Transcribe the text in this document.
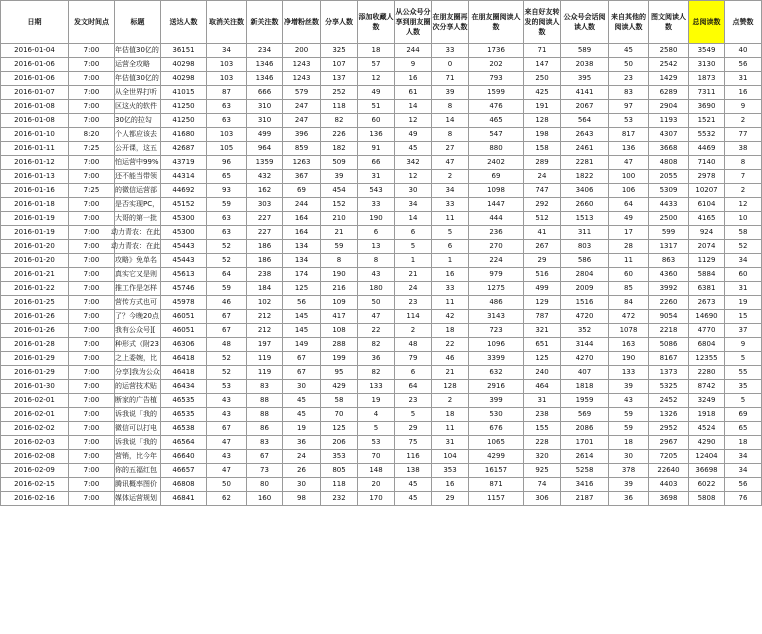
日期	发文时间点	标题	送达人数	取消关注数	新关注数	净增粉丝数	分享人数	添加收藏人数	从公众号分享到朋友圈人数	在朋友圈再次分享人数	在朋友圈阅读人数	来自好友转发的阅读人数	公众号会话阅读人数	来自其他的阅读人数	图文阅读人数	总阅读数	点赞数
2016-01-04	7:00	年估值30亿的	36151	34	234	200	325	18	244	33	1736	71	589	45	2580	3549	40
2016-01-06	7:00	运营全攻略	40298	103	1346	1243	107	57	9	0	202	147	2038	50	2542	3130	56
2016-01-06	7:00	年估值30亿的	40298	103	1346	1243	137	12	16	71	793	250	395	23	1429	1873	31
2016-01-07	7:00	从全世界打听	41015	87	666	579	252	49	61	39	1599	425	4141	83	6289	7311	16
2016-01-08	7:00	区这火的软件	41250	63	310	247	118	51	14	8	476	191	2067	97	2904	3690	9
2016-01-08	7:00	30亿的拉勾	41250	63	310	247	82	60	12	14	465	128	564	53	1193	1521	2
2016-01-10	8:20	个人都应该去	41680	103	499	396	226	136	49	8	547	198	2643	817	4307	5532	77
2016-01-11	7:25	公开课，这五	42687	105	964	859	182	91	45	27	880	158	2461	136	3668	4469	38
2016-01-12	7:00	怕运营中99%	43719	96	1359	1263	509	66	342	47	2402	289	2281	47	4808	7140	8
2016-01-13	7:00	还不能当带领	44314	65	432	367	39	31	12	2	69	24	1822	100	2055	2978	7
2016-01-16	7:25	的微信运营部	44692	93	162	69	454	543	30	34	1098	747	3406	106	5309	10207	2
2016-01-18	7:00	，是否实现PC	45152	59	303	244	152	33	34	33	1447	292	2660	64	4433	6104	12
2016-01-19	7:00	大哥的第一批	45300	63	227	164	210	190	14	11	444	512	1513	49	2500	4165	10
2016-01-19	7:00	动力青农：在此	45300	63	227	164	21	6	6	5	236	41	311	17	599	924	58
2016-01-20	7:00	动力青农：在此	45443	52	186	134	59	13	5	6	270	267	803	28	1317	2074	52
2016-01-20	7:00	攻略》免单名	45443	52	186	134	8	8	1	1	224	29	586	11	863	1129	34
2016-01-21	7:00	真实它又是则	45613	64	238	174	190	43	21	16	979	516	2804	60	4360	5884	60
2016-01-22	7:00	推工作是怎样	45746	59	184	125	216	180	24	33	1275	499	2009	85	3992	6381	31
2016-01-25	7:00	营传方式也可	45978	46	102	56	109	50	23	11	486	129	1516	84	2260	2673	19
2016-01-26	7:00	了？今晚20点	46051	67	212	145	417	47	114	42	3143	787	4720	472	9054	14690	15
2016-01-26	7:00	][我有公众号	46051	67	212	145	108	22	2	18	723	321	352	1078	2218	4770	37
2016-01-28	7:00	种形式（附23	46306	48	197	149	288	82	48	22	1096	651	3144	163	5086	6804	9
2016-01-29	7:00	之上委婉，比	46418	52	119	67	199	36	79	46	3399	125	4270	190	8167	12355	5
2016-01-29	7:00	分享]我为公众	46418	52	119	67	95	82	6	21	632	240	407	133	1373	2280	55
2016-01-30	7:00	的运营技术贴	46434	53	83	30	429	133	64	128	2916	464	1818	39	5325	8742	35
2016-02-01	7:00	断家的广告植	46535	43	88	45	58	19	23	2	399	31	1959	43	2452	3249	5
2016-02-01	7:00	诉我说「我的	46535	43	88	45	70	4	5	18	530	238	569	59	1326	1918	69
2016-02-02	7:00	微信可以打电	46538	67	86	19	125	5	29	11	676	155	2086	59	2952	4524	65
2016-02-03	7:00	诉我说「我的	46564	47	83	36	206	53	75	31	1065	228	1701	18	2967	4290	18
2016-02-08	7:00	营销，比今年	46640	43	67	24	353	70	116	104	4299	320	2614	30	7205	12404	34
2016-02-09	7:00	你的五福红包	46657	47	73	26	805	148	138	353	16157	925	5258	378	22640	36698	34
2016-02-15	7:00	腾讯概率图价	46808	50	80	30	118	20	45	16	871	74	3416	39	4403	6022	56
2016-02-16	7:00	媒体运营规划	46841	62	160	98	232	170	45	29	1157	306	2187	36	3698	5808	76
